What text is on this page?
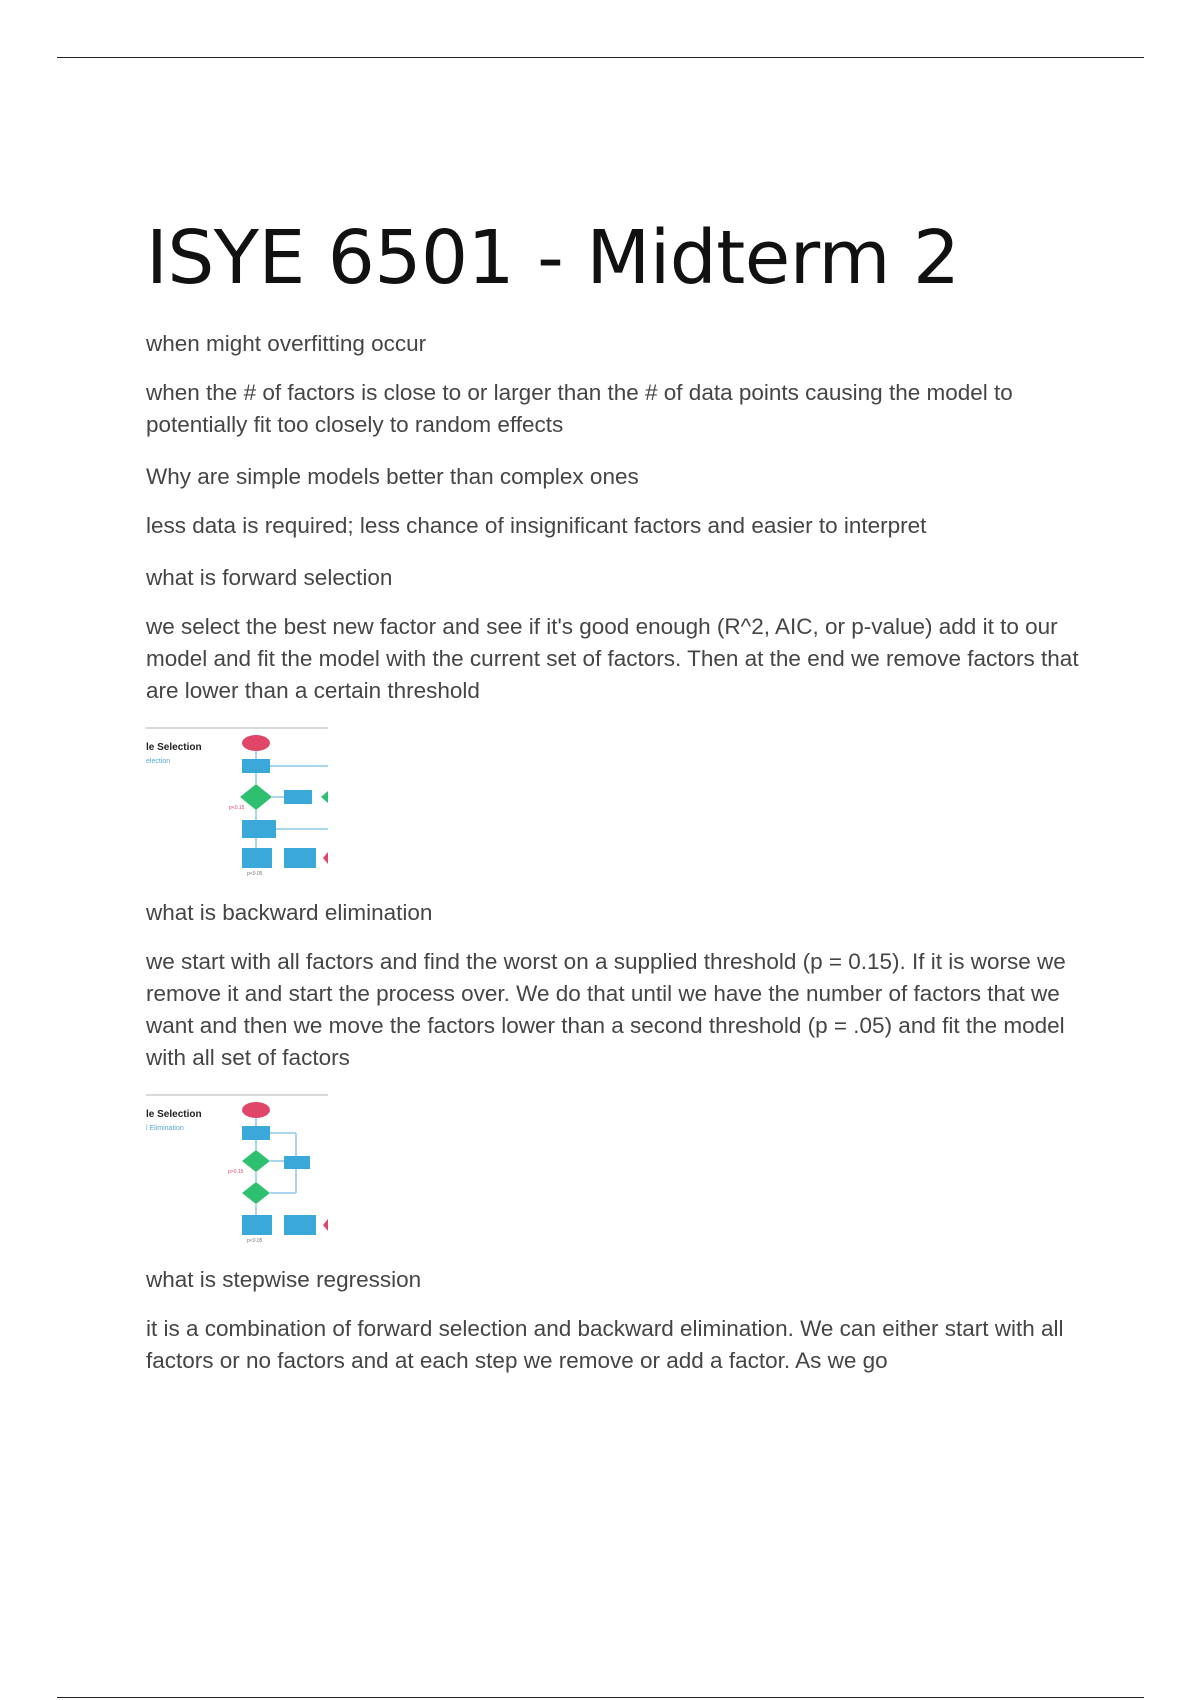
ISYE 6501 - Midterm 2

when might overfitting occur

when the # of factors is close to or larger than the # of data points causing the model to potentially fit too closely to random effects

Why are simple models better than complex ones

less data is required; less chance of insignificant factors and easier to interpret

what is forward selection

we select the best new factor and see if it's good enough (R^2, AIC, or p-value) add it to our model and fit the model with the current set of factors. Then at the end we remove factors that are lower than a certain threshold

p<0.15
p<0.05
le Selection
election

what is backward elimination

we start with all factors and find the worst on a supplied threshold (p = 0.15). If it is worse we remove it and start the process over. We do that until we have the number of factors that we want and then we move the factors lower than a second threshold (p = .05) and fit the model with all set of factors

p>0.15
p<0.05
le Selection
l Elimination

what is stepwise regression

it is a combination of forward selection and backward elimination. We can either start with all factors or no factors and at each step we remove or add a factor. As we go
